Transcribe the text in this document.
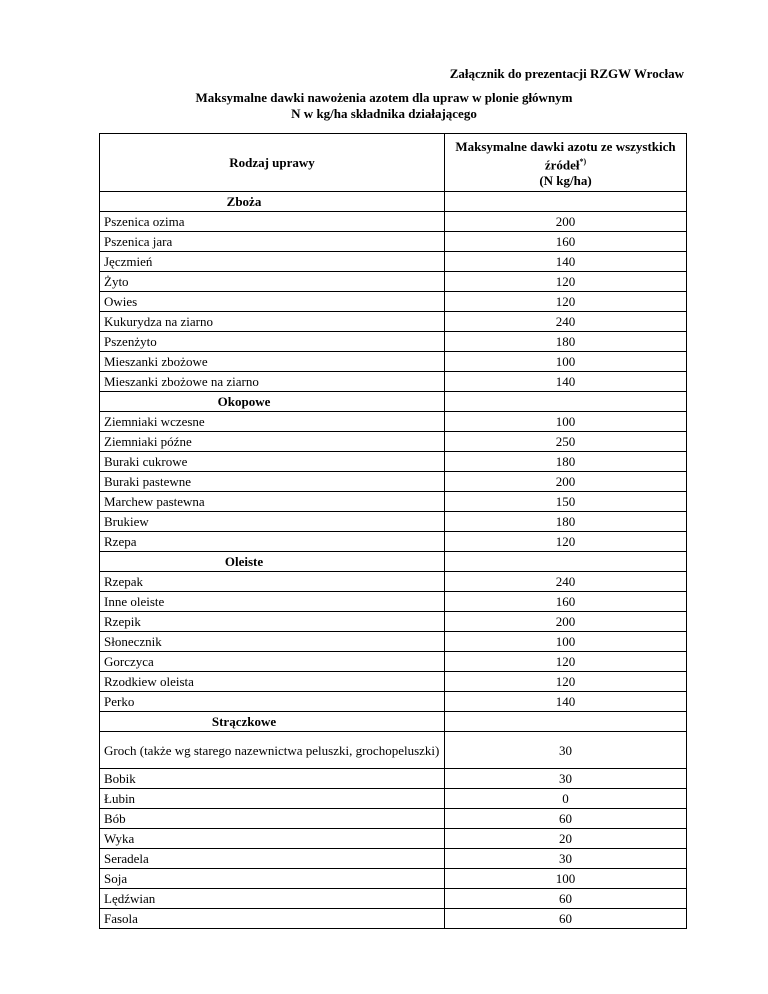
Załącznik do prezentacji RZGW Wrocław
Maksymalne dawki nawożenia azotem dla upraw w plonie głównym
N w kg/ha składnika działającego
Rodzaj uprawy	Maksymalne dawki azotu ze wszystkich źródeł*)
(N kg/ha)
Zboża	
Pszenica ozima	200
Pszenica jara	160
Jęczmień	140
Żyto	120
Owies	120
Kukurydza na ziarno	240
Pszenżyto	180
Mieszanki zbożowe	100
Mieszanki zbożowe na ziarno	140
Okopowe	
Ziemniaki wczesne	100
Ziemniaki późne	250
Buraki cukrowe	180
Buraki pastewne	200
Marchew pastewna	150
Brukiew	180
Rzepa	120
Oleiste	
Rzepak	240
Inne oleiste	160
Rzepik	200
Słonecznik	100
Gorczyca	120
Rzodkiew oleista	120
Perko	140
Strączkowe	
Groch (także wg starego nazewnictwa peluszki, grochopeluszki)	30
Bobik	30
Łubin	0
Bób	60
Wyka	20
Seradela	30
Soja	100
Lędźwian	60
Fasola	60
